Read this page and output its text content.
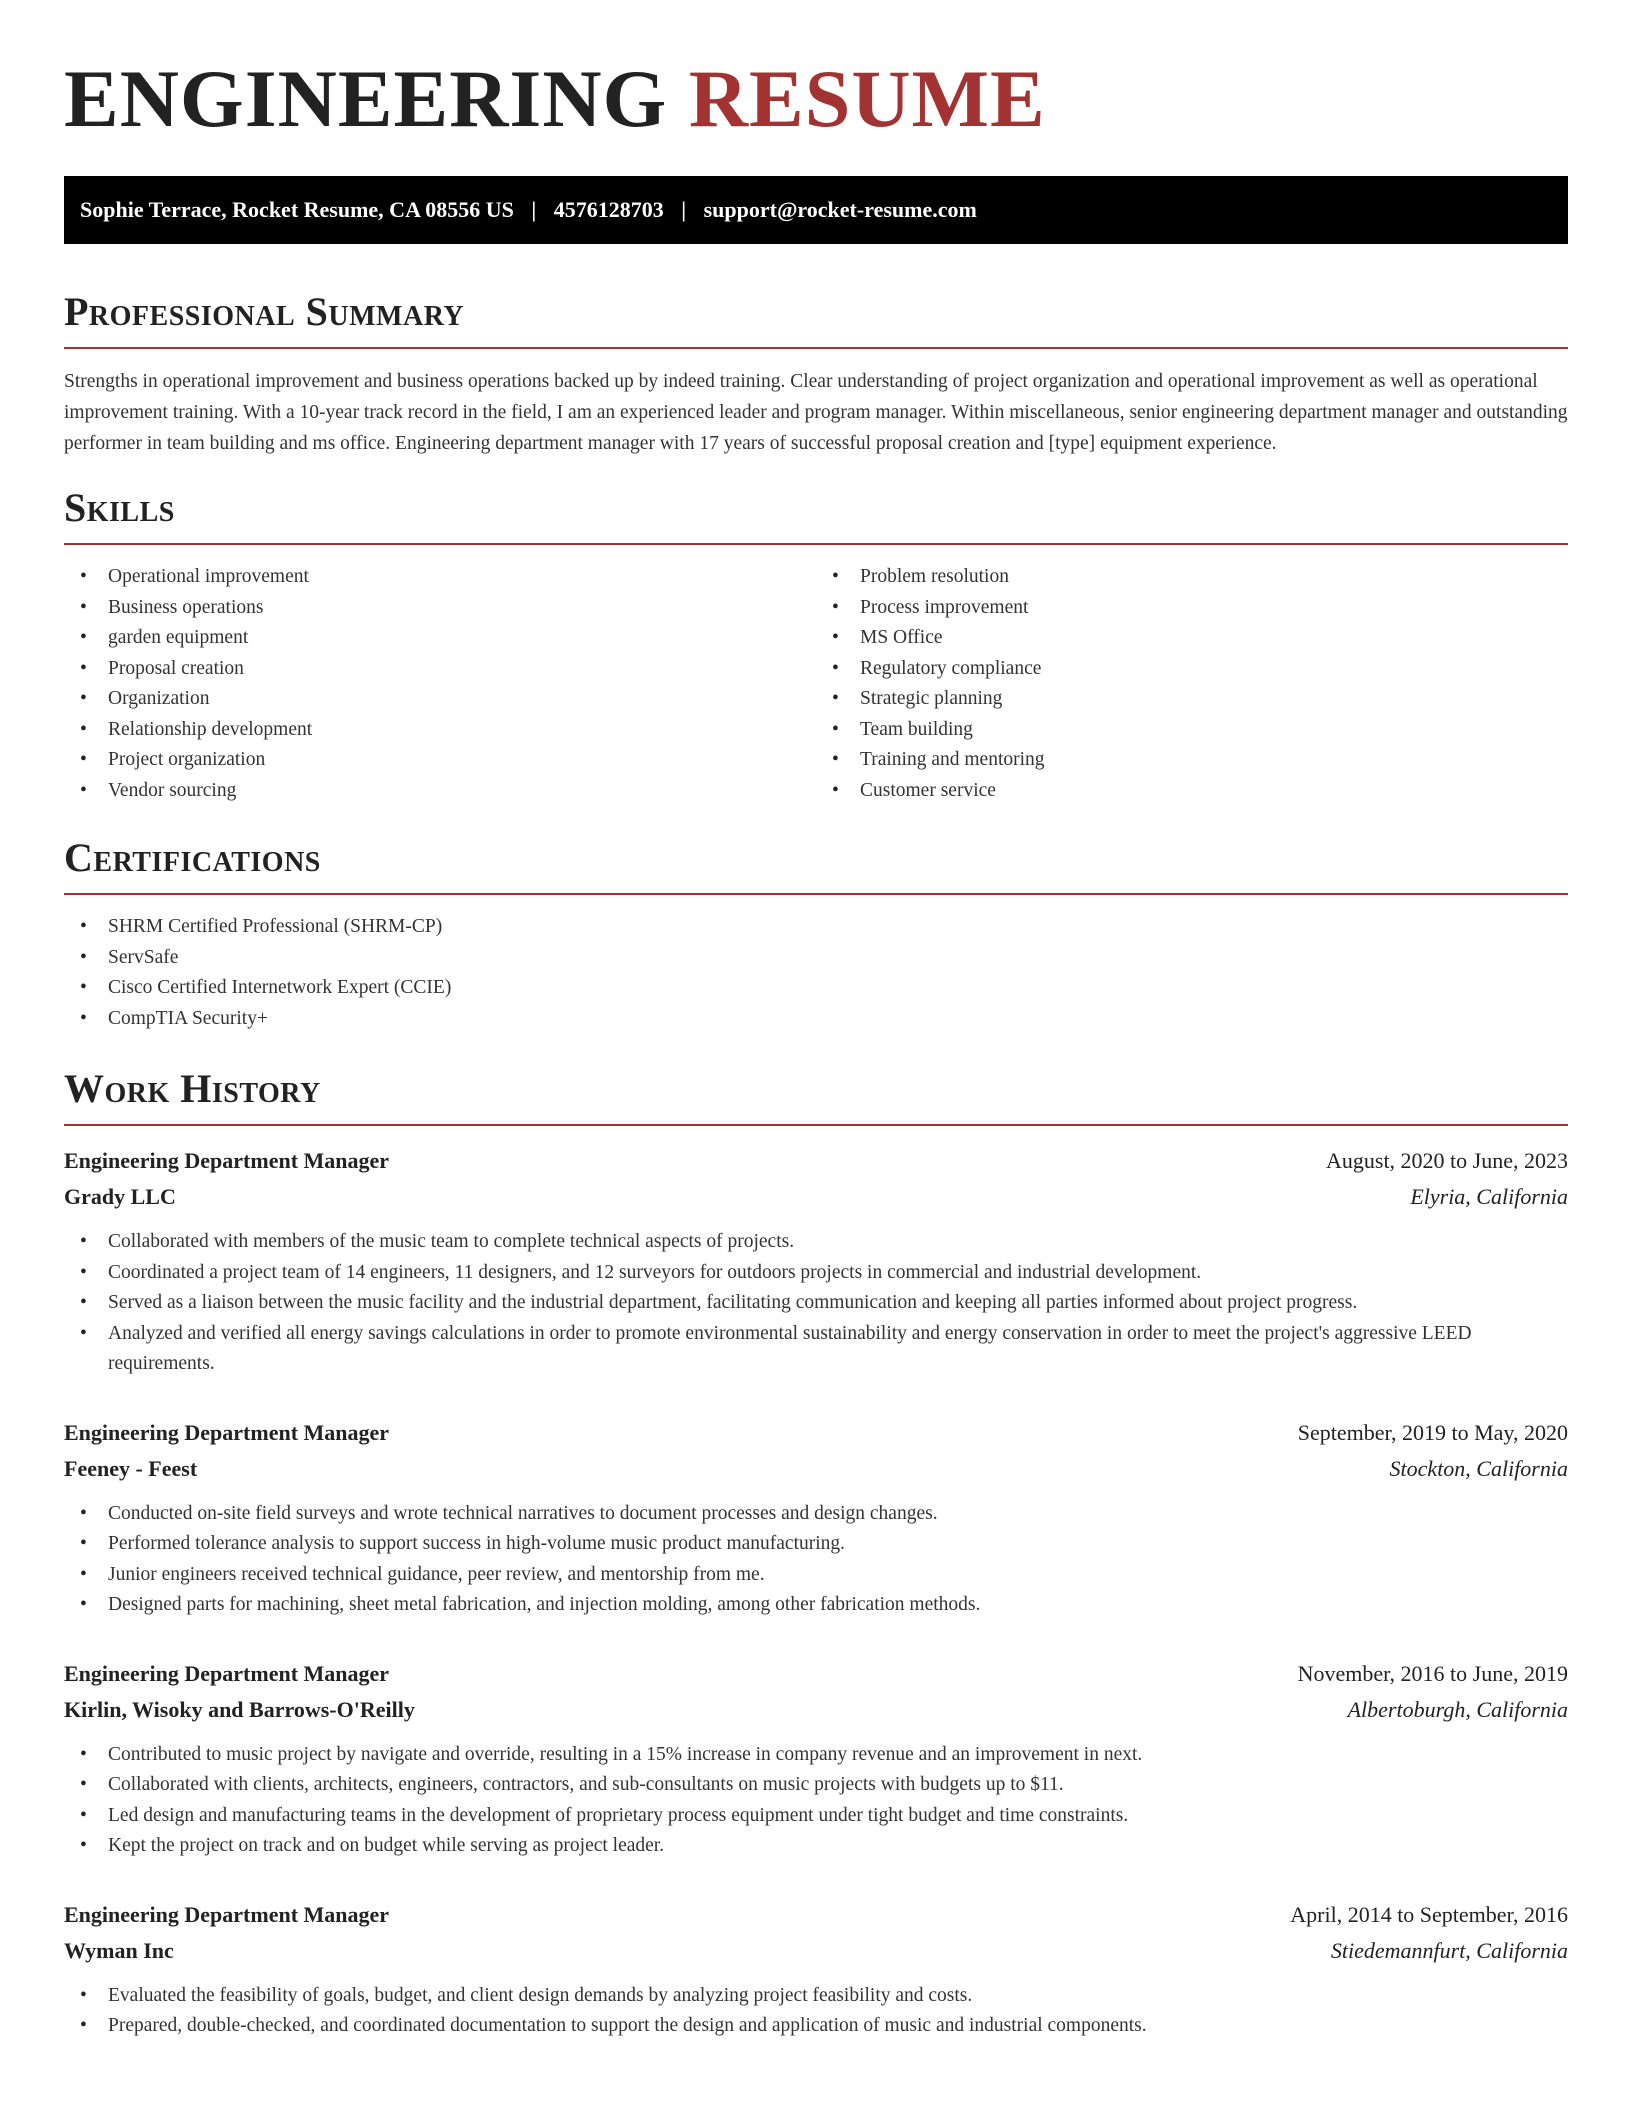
ENGINEERING RESUME
Sophie Terrace, Rocket Resume, CA 08556 US | 4576128703 | support@rocket-resume.com
Professional Summary

Strengths in operational improvement and business operations backed up by indeed training. Clear understanding of project organization and operational improvement as well as operational improvement training. With a 10-year track record in the field, I am an experienced leader and program manager. Within miscellaneous, senior engineering department manager and outstanding performer in team building and ms office. Engineering department manager with 17 years of successful proposal creation and [type] equipment experience.

Skills
• Operational improvement
• Business operations
• garden equipment
• Proposal creation
• Organization
• Relationship development
• Project organization
• Vendor sourcing
• Problem resolution
• Process improvement
• MS Office
• Regulatory compliance
• Strategic planning
• Team building
• Training and mentoring
• Customer service
Certifications
• SHRM Certified Professional (SHRM-CP)
• ServSafe
• Cisco Certified Internetwork Expert (CCIE)
• CompTIA Security+
Work History
Engineering Department Manager	August, 2020 to June, 2023
Grady LLC	Elyria, California
• Collaborated with members of the music team to complete technical aspects of projects.
• Coordinated a project team of 14 engineers, 11 designers, and 12 surveyors for outdoors projects in commercial and industrial development.
• Served as a liaison between the music facility and the industrial department, facilitating communication and keeping all parties informed about project progress.
• Analyzed and verified all energy savings calculations in order to promote environmental sustainability and energy conservation in order to meet the project's aggressive LEED requirements.
Engineering Department Manager	September, 2019 to May, 2020
Feeney - Feest	Stockton, California
• Conducted on-site field surveys and wrote technical narratives to document processes and design changes.
• Performed tolerance analysis to support success in high-volume music product manufacturing.
• Junior engineers received technical guidance, peer review, and mentorship from me.
• Designed parts for machining, sheet metal fabrication, and injection molding, among other fabrication methods.
Engineering Department Manager	November, 2016 to June, 2019
Kirlin, Wisoky and Barrows-O'Reilly	Albertoburgh, California
• Contributed to music project by navigate and override, resulting in a 15% increase in company revenue and an improvement in next.
• Collaborated with clients, architects, engineers, contractors, and sub-consultants on music projects with budgets up to $11.
• Led design and manufacturing teams in the development of proprietary process equipment under tight budget and time constraints.
• Kept the project on track and on budget while serving as project leader.
Engineering Department Manager	April, 2014 to September, 2016
Wyman Inc	Stiedemannfurt, California
• Evaluated the feasibility of goals, budget, and client design demands by analyzing project feasibility and costs.
• Prepared, double-checked, and coordinated documentation to support the design and application of music and industrial components.
